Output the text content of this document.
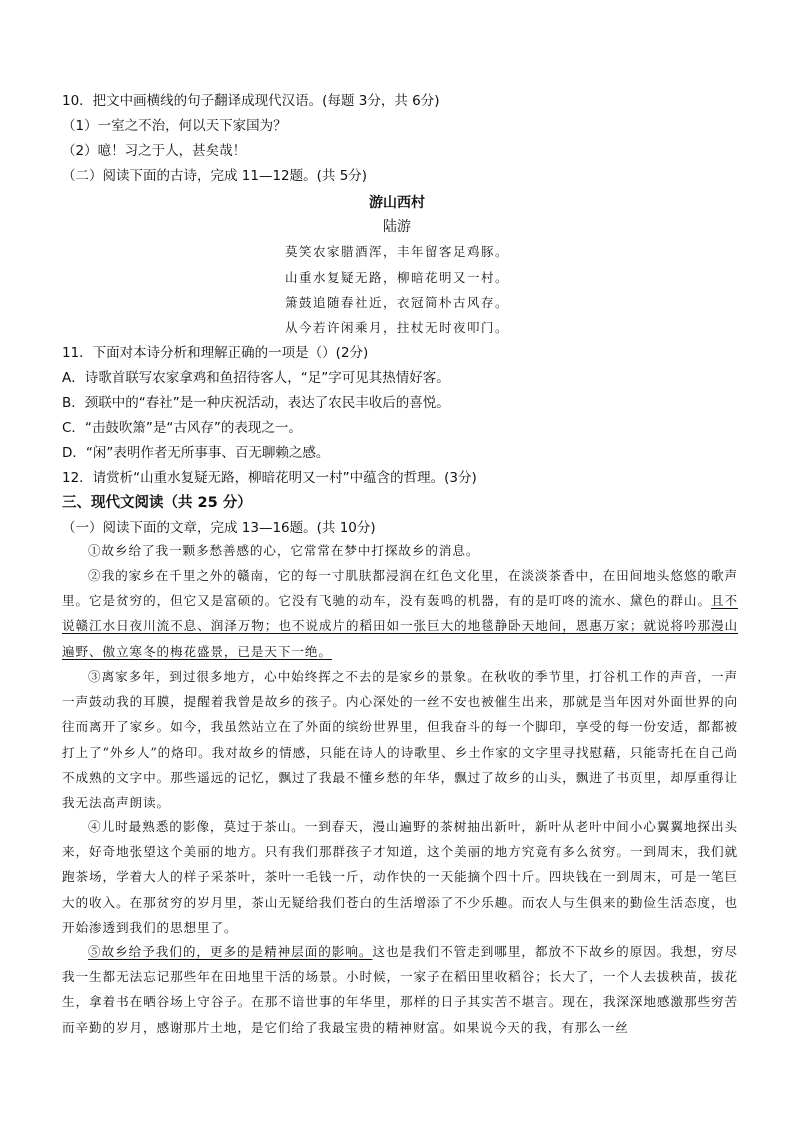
10．把文中画横线的句子翻译成现代汉语。(每题 3分，共 6分)
（1）一室之不治，何以天下家国为？
（2）噫！习之于人，甚矣哉！
（二）阅读下面的古诗，完成 11—12题。(共 5分)
游山西村
陆游
莫笑农家腊酒浑，丰年留客足鸡豚。
山重水复疑无路，柳暗花明又一村。
箫鼓追随春社近，衣冠简朴古风存。
从今若许闲乘月，拄杖无时夜叩门。
11．下面对本诗分析和理解正确的一项是（）(2分)
A．诗歌首联写农家拿鸡和鱼招待客人，“足”字可见其热情好客。
B．颈联中的“春社”是一种庆祝活动，表达了农民丰收后的喜悦。
C．“击鼓吹箫”是“古风存”的表现之一。
D．“闲”表明作者无所事事、百无聊赖之感。
12．请赏析“山重水复疑无路，柳暗花明又一村”中蕴含的哲理。(3分)
三、现代文阅读（共 25 分）
（一）阅读下面的文章，完成 13—16题。(共 10分)
①故乡给了我一颗多愁善感的心，它常常在梦中打探故乡的消息。
②我的家乡在千里之外的赣南，它的每一寸肌肤都浸润在红色文化里，在淡淡茶香中，在田间地头悠悠的歌声里。它是贫穷的，但它又是富硕的。它没有飞驰的动车，没有轰鸣的机器，有的是叮咚的流水、黛色的群山。且不说赣江水日夜川流不息、润泽万物；也不说成片的稻田如一张巨大的地毯静卧天地间，恩惠万家；就说将吟那漫山遍野、傲立寒冬的梅花盛景，已是天下一绝。
③离家多年，到过很多地方，心中始终挥之不去的是家乡的景象。在秋收的季节里，打谷机工作的声音，一声一声鼓动我的耳膜，提醒着我曾是故乡的孩子。内心深处的一丝不安也被催生出来，那就是当年因对外面世界的向往而离开了家乡。如今，我虽然站立在了外面的缤纷世界里，但我奋斗的每一个脚印，享受的每一份安适，都都被打上了“外乡人”的烙印。我对故乡的情感，只能在诗人的诗歌里、乡土作家的文字里寻找慰藉，只能寄托在自己尚不成熟的文字中。那些遥远的记忆，飘过了我最不懂乡愁的年华，飘过了故乡的山头，飘进了书页里，却厚重得让我无法高声朗读。
④儿时最熟悉的影像，莫过于茶山。一到春天，漫山遍野的茶树抽出新叶，新叶从老叶中间小心翼翼地探出头来，好奇地张望这个美丽的地方。只有我们那群孩子才知道，这个美丽的地方究竟有多么贫穷。一到周末，我们就跑茶场，学着大人的样子采茶叶，茶叶一毛钱一斤，动作快的一天能摘个四十斤。四块钱在一到周末，可是一笔巨大的收入。在那贫穷的岁月里，茶山无疑给我们苍白的生活增添了不少乐趣。而农人与生俱来的勤俭生活态度，也开始渗透到我们的思想里了。
⑤故乡给予我们的，更多的是精神层面的影响。这也是我们不管走到哪里，都放不下故乡的原因。我想，穷尽我一生都无法忘记那些年在田地里干活的场景。小时候，一家子在稻田里收稻谷；长大了，一个人去拔秧苗，拔花生，拿着书在晒谷场上守谷子。在那不谙世事的年华里，那样的日子其实苦不堪言。现在，我深深地感激那些穷苦而辛勤的岁月，感谢那片土地，是它们给了我最宝贵的精神财富。如果说今天的我，有那么一丝
